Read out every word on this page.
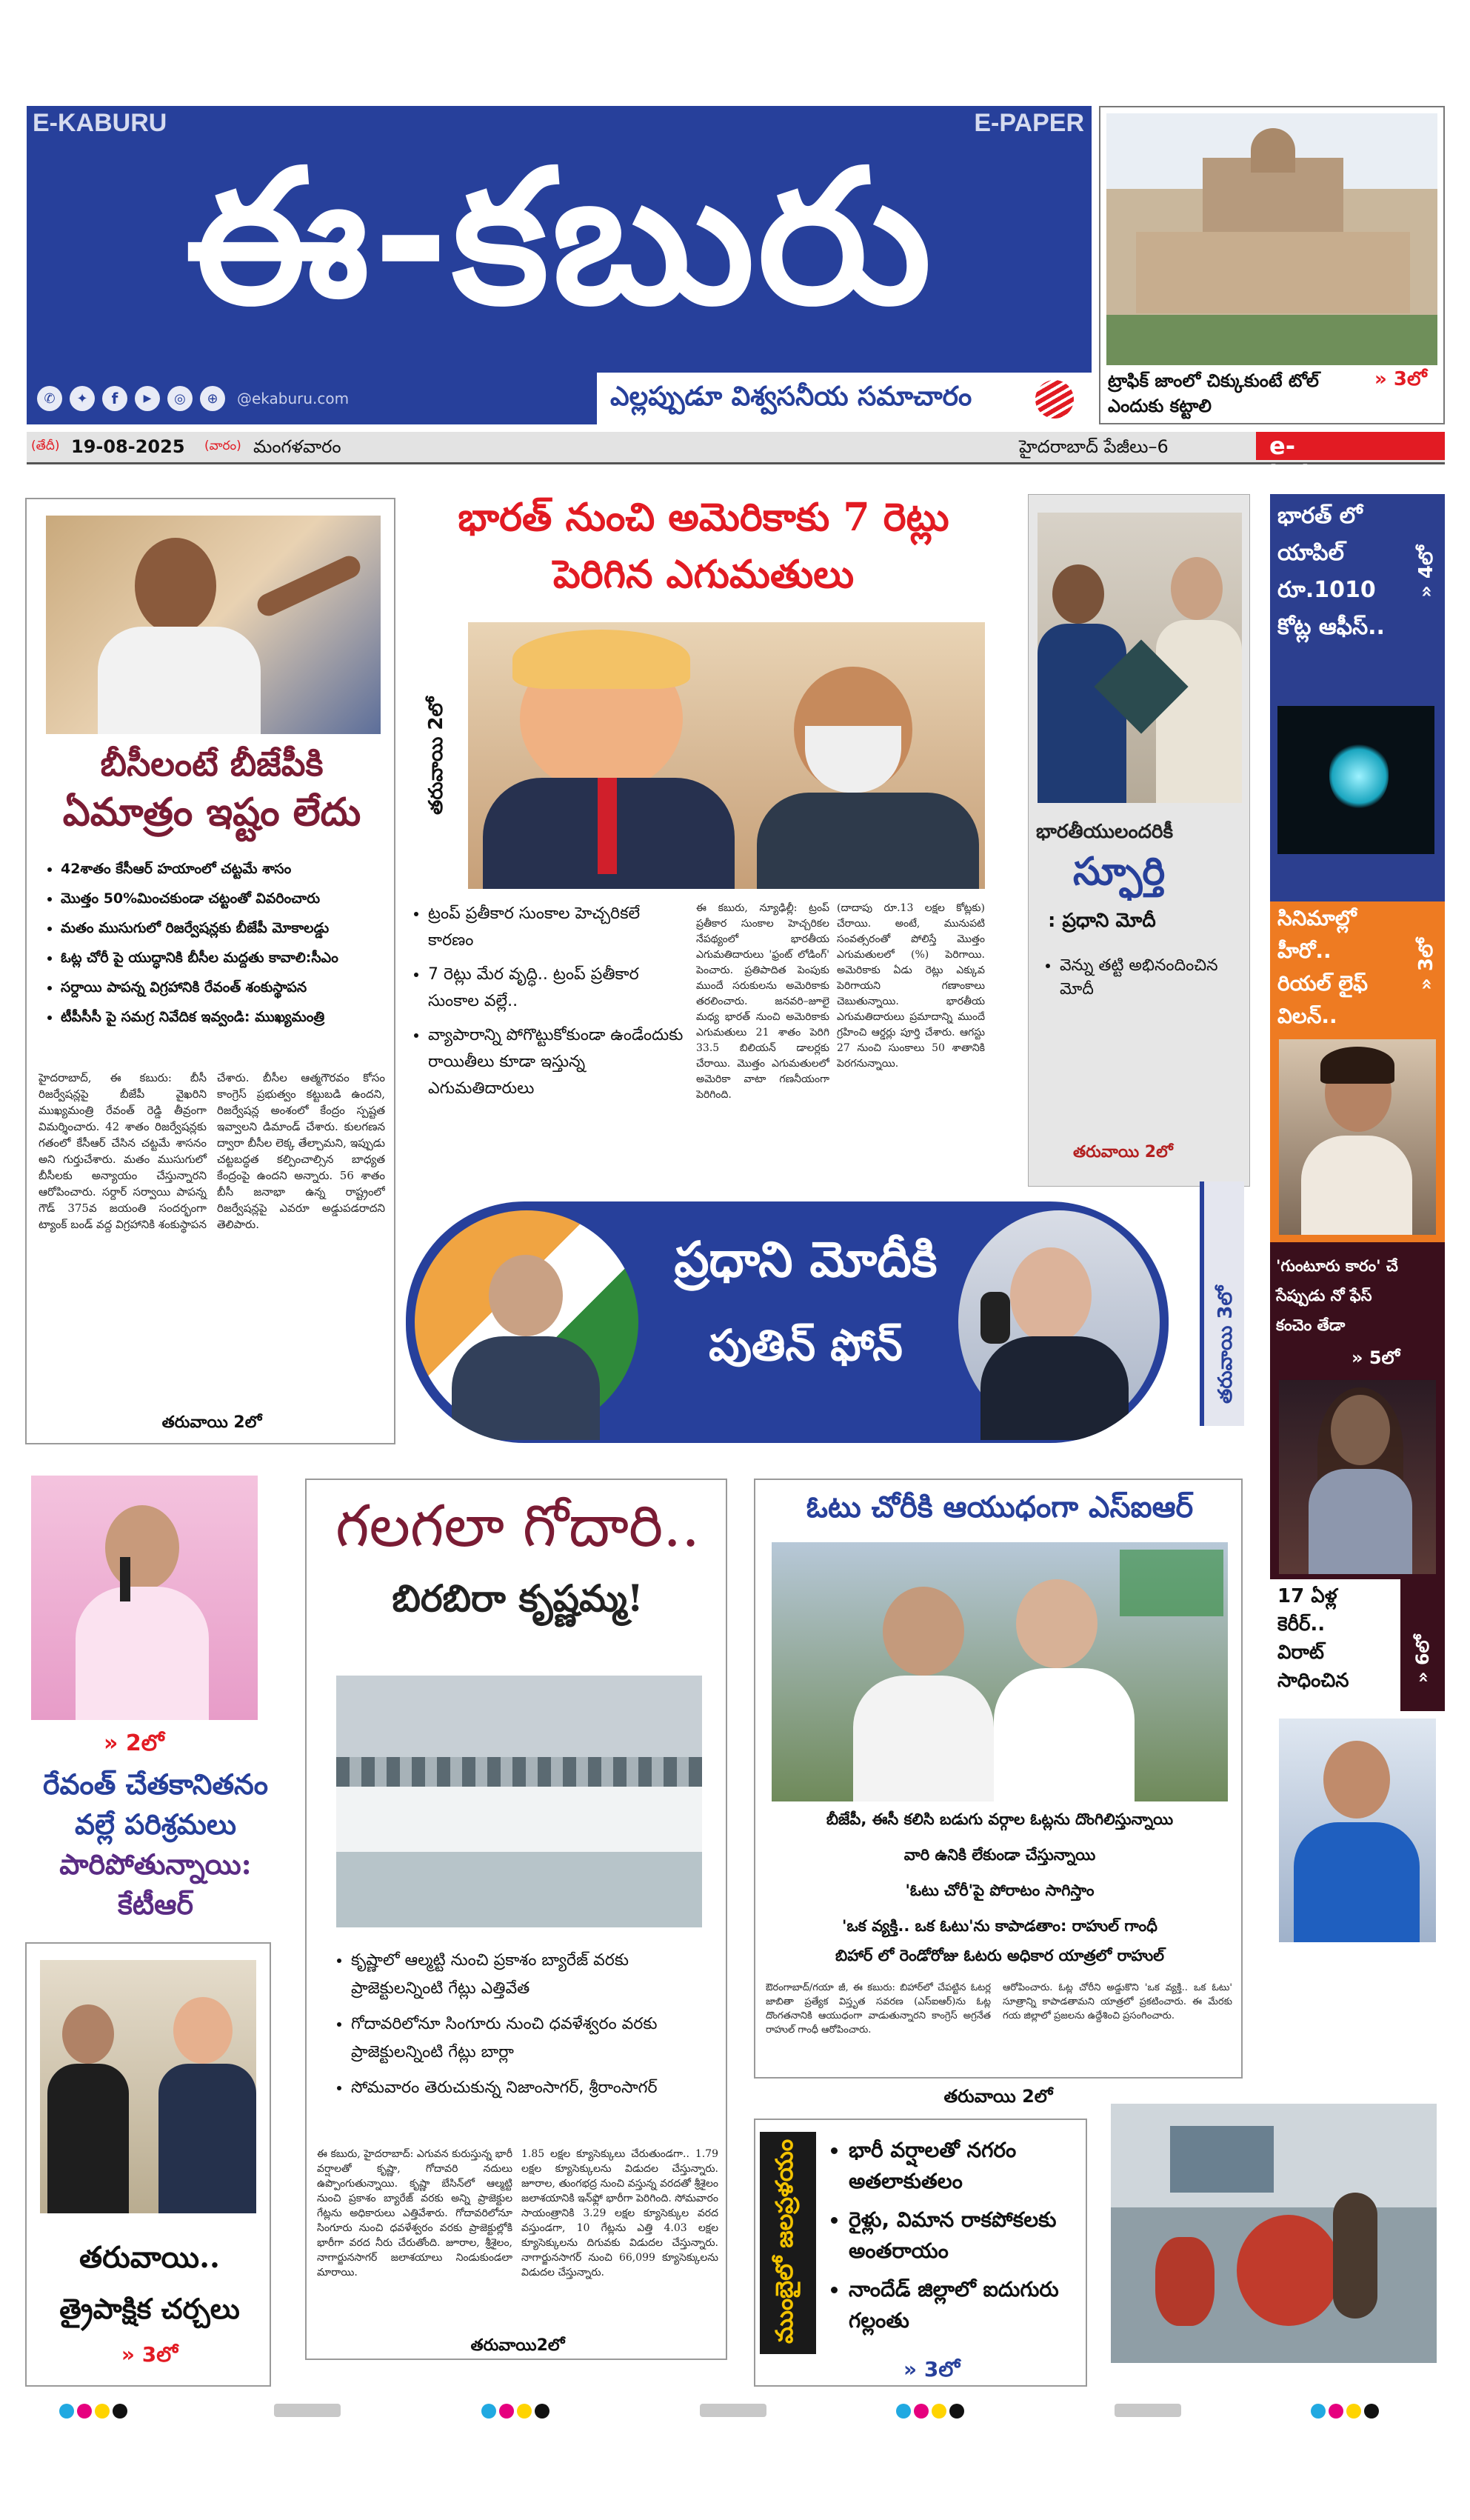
E-KABURU	E-PAPER
ఈ-కబురు
✆	✦	f	▶	◎	⊕	@ekaburu.com	ఎల్లప్పుడూ విశ్వసనీయ సమాచారం
ట్రాఫిక్ జాంలో చిక్కుకుంటే టోల్ ఎందుకు కట్టాలి
» 3లో
(తేదీ) 19-08-2025 (వారం) మంగళవారం	హైదరాబాద్ పేజీలు–6	e-kaburu.com
బీసీలంటే బీజేపీకి
ఏమాత్రం ఇష్టం లేదు
• 42శాతం కేసీఆర్ హయాంలో చట్టమే శాసం
• మొత్తం 50%మించకుండా చట్టంతో వివరించారు
• మతం ముసుగులో రిజర్వేషన్లకు బీజేపీ మోకాలడ్డు
• ఓట్ల చోరీ పై యుద్ధానికి బీసీల మద్దతు కావాలి:సీఎం
• సర్దాయి పాపన్న విగ్రహానికి రేవంత్ శంకుస్థాపన
• టీపీసీసీ పై సమగ్ర నివేదిక ఇవ్వండి: ముఖ్యమంత్రి
హైదరాబాద్, ఈ కబురు: బీసీ రిజర్వేషన్లపై బీజేపీ వైఖరిని ముఖ్యమంత్రి రేవంత్ రెడ్డి తీవ్రంగా విమర్శించారు. 42 శాతం రిజర్వేషన్లకు గతంలో కేసీఆర్ చేసిన చట్టమే శాసనం అని గుర్తుచేశారు. మతం ముసుగులో బీసీలకు అన్యాయం చేస్తున్నారని ఆరోపించారు. సర్దార్ సర్వాయి పాపన్న గౌడ్ 375వ జయంతి సందర్భంగా ట్యాంక్ బండ్ వద్ద విగ్రహానికి శంకుస్థాపన చేశారు. బీసీల ఆత్మగౌరవం కోసం కాంగ్రెస్ ప్రభుత్వం కట్టుబడి ఉందని, రిజర్వేషన్ల అంశంలో కేంద్రం స్పష్టత ఇవ్వాలని డిమాండ్ చేశారు. కులగణన ద్వారా బీసీల లెక్క తేల్చామని, ఇప్పుడు చట్టబద్ధత కల్పించాల్సిన బాధ్యత కేంద్రంపై ఉందని అన్నారు. 56 శాతం బీసీ జనాభా ఉన్న రాష్ట్రంలో రిజర్వేషన్లపై ఎవరూ అడ్డుపడరాదని తెలిపారు.
తరువాయి 2లో
భారత్ నుంచి అమెరికాకు 7 రెట్లు
పెరిగిన ఎగుమతులు
తరువాయి 2లో
• ట్రంప్ ప్రతీకార సుంకాల హెచ్చరికలే కారణం
• 7 రెట్లు మేర వృద్ధి.. ట్రంప్ ప్రతీకార సుంకాల వల్లే..
• వ్యాపారాన్ని పోగొట్టుకోకుండా ఉండేందుకు రాయితీలు కూడా ఇస్తున్న ఎగుమతిదారులు
ఈ కబురు, న్యూఢిల్లీ: ట్రంప్ ప్రతీకార సుంకాల హెచ్చరికల నేపథ్యంలో భారతీయ ఎగుమతిదారులు 'ఫ్రంట్ లోడింగ్' పెంచారు. ప్రతిపాదిత పెంపుకు ముందే సరుకులను అమెరికాకు తరలించారు. జనవరి–జూలై మధ్య భారత్ నుంచి అమెరికాకు ఎగుమతులు 21 శాతం పెరిగి 33.5 బిలియన్ డాలర్లకు చేరాయి. మొత్తం ఎగుమతులలో అమెరికా వాటా గణనీయంగా పెరిగింది.
(దాదాపు రూ.13 లక్షల కోట్లకు) చేరాయి. అంటే, మునుపటి సంవత్సరంతో పోలిస్తే మొత్తం ఎగుమతులలో (%) పెరిగాయి. అమెరికాకు ఏడు రెట్లు ఎక్కువ పెరిగాయని గణాంకాలు చెబుతున్నాయి. భారతీయ ఎగుమతిదారులు ప్రమాదాన్ని ముందే గ్రహించి ఆర్డర్లు పూర్తి చేశారు. ఆగస్టు 27 నుంచి సుంకాలు 50 శాతానికి పెరగనున్నాయి.
భారతీయులందరికీ
స్ఫూర్తి
: ప్రధాని మోదీ
• వెన్ను తట్టి అభినందించిన మోదీ
తరువాయి 2లో
ప్రధాని మోదీకి
పుతిన్ ఫోన్	తరువాయి 3లో
భారత్ లో
యాపిల్
రూ.1010
కోట్ల ఆఫీస్..
» 4లో
సినిమాల్లో
హీరో..
రియల్ లైఫ్
విలన్..
» 3లో
'గుంటూరు కారం' చే
సేప్పుడు నో ఫేస్
కంచెం తేడా
» 5లో
17 ఏళ్ల
కెరీర్..
విరాట్
సాధించిన	» 6లో
» 2లో
రేవంత్ చేతకానితనం
వల్లే పరిశ్రమలు
పారిపోతున్నాయి:
కేటీఆర్
తరువాయి..
త్రైపాక్షిక చర్చలు
» 3లో
గలగలా గోదారి..
బిరబిరా కృష్ణమ్మ!
• కృష్ణాలో ఆల్మట్టి నుంచి ప్రకాశం బ్యారేజ్ వరకు ప్రాజెక్టులన్నింటి గేట్లు ఎత్తివేత
• గోదావరిలోనూ సింగూరు నుంచి ధవళేశ్వరం వరకు ప్రాజెక్టులన్నింటి గేట్లు బార్లా
• సోమవారం తెరుచుకున్న నిజాంసాగర్, శ్రీరాంసాగర్
ఈ కబురు, హైదరాబాద్: ఎగువన కురుస్తున్న భారీ వర్షాలతో కృష్ణా, గోదావరి నదులు ఉప్పొంగుతున్నాయి. కృష్ణా బేసిన్‌లో ఆల్మట్టి నుంచి ప్రకాశం బ్యారేజ్ వరకు అన్ని ప్రాజెక్టుల గేట్లను అధికారులు ఎత్తివేశారు. గోదావరిలోనూ సింగూరు నుంచి ధవళేశ్వరం వరకు ప్రాజెక్టుల్లోకి భారీగా వరద నీరు చేరుతోంది. జూరాల, శ్రీశైలం, నాగార్జునసాగర్ జలాశయాలు నిండుకుండలా మారాయి.
1.85 లక్షల క్యూసెక్కులు చేరుతుండగా.. 1.79 లక్షల క్యూసెక్కులను విడుదల చేస్తున్నారు. జూరాల, తుంగభద్ర నుంచి వస్తున్న వరదతో శ్రీశైలం జలాశయానికి ఇన్‌ఫ్లో భారీగా పెరిగింది. సోమవారం సాయంత్రానికి 3.29 లక్షల క్యూసెక్కుల వరద వస్తుండగా, 10 గేట్లను ఎత్తి 4.03 లక్షల క్యూసెక్కులను దిగువకు విడుదల చేస్తున్నారు. నాగార్జునసాగర్ నుంచి 66,099 క్యూసెక్కులను విడుదల చేస్తున్నారు.
తరువాయి2లో
ఓటు చోరీకి ఆయుధంగా ఎస్ఐఆర్
బీజేపీ, ఈసీ కలిసి బడుగు వర్గాల ఓట్లను దొంగిలిస్తున్నాయి
వారి ఉనికి లేకుండా చేస్తున్నాయి
'ఓటు చోరీ'పై పోరాటం సాగిస్తాం
'ఒక వ్యక్తి.. ఒక ఓటు'ను కాపాడతాం: రాహుల్ గాంధీ
బిహార్ లో రెండోరోజు ఓటరు అధికార యాత్రలో రాహుల్
ఔరంగాబాద్/గయా జీ, ఈ కబురు: బిహార్‌లో చేపట్టిన ఓటర్ల జాబితా ప్రత్యేక విస్తృత సవరణ (ఎస్ఐఆర్)ను ఓట్ల దొంగతనానికి ఆయుధంగా వాడుతున్నారని కాంగ్రెస్ అగ్రనేత రాహుల్ గాంధీ ఆరోపించారు.
ఆరోపించారు. ఓట్ల చోరీని అడ్డుకొని 'ఒక వ్యక్తి.. ఒక ఓటు' సూత్రాన్ని కాపాడతామని యాత్రలో ప్రకటించారు. ఈ మేరకు గయ జిల్లాలో ప్రజలను ఉద్దేశించి ప్రసంగించారు.
తరువాయి 2లో
ముంబైలో జలప్రళయం
• భారీ వర్షాలతో నగరం అతలాకుతలం
• రైళ్లు, విమాన రాకపోకలకు అంతరాయం
• నాందేడ్ జిల్లాలో ఐదుగురు గల్లంతు
» 3లో
